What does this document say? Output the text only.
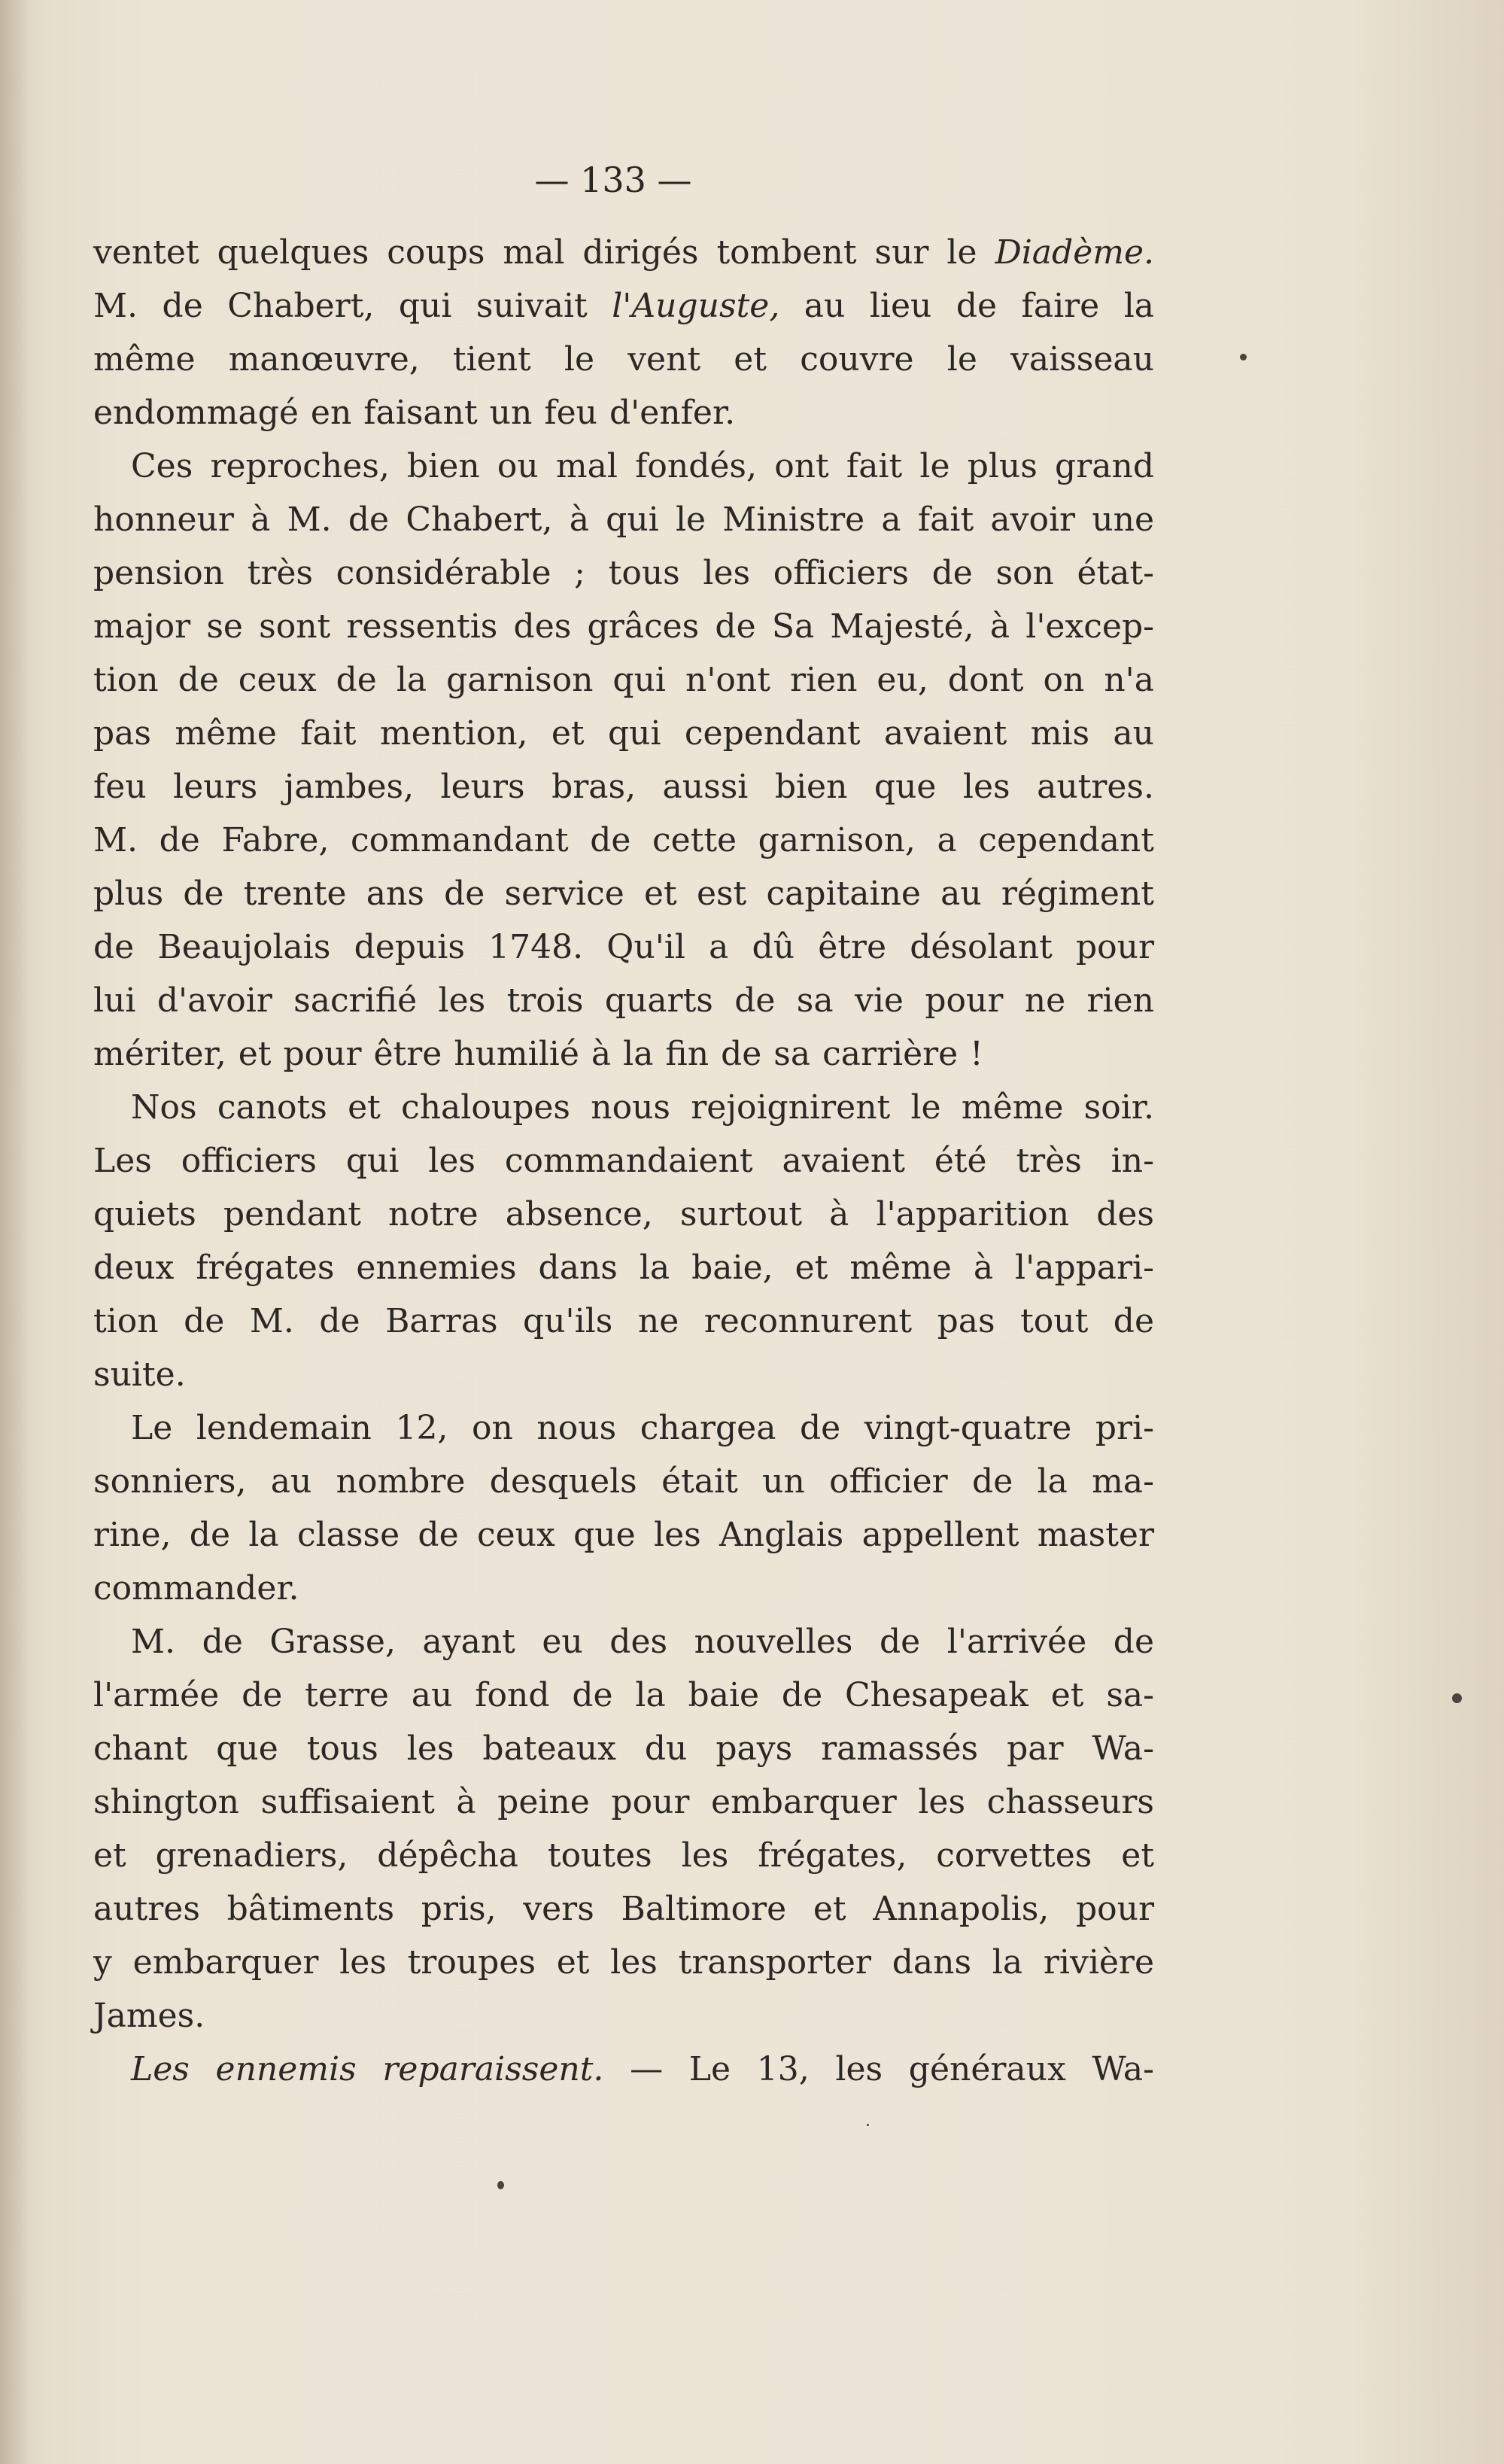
— 133 —
ventet quelques coups mal dirigés tombent sur le Diadème.
M. de Chabert, qui suivait l'Auguste, au lieu de faire la
même manœuvre, tient le vent et couvre le vaisseau
endommagé en faisant un feu d'enfer.
Ces reproches, bien ou mal fondés, ont fait le plus grand
honneur à M. de Chabert, à qui le Ministre a fait avoir une
pension très considérable ; tous les officiers de son état-
major se sont ressentis des grâces de Sa Majesté, à l'excep-
tion de ceux de la garnison qui n'ont rien eu, dont on n'a
pas même fait mention, et qui cependant avaient mis au
feu leurs jambes, leurs bras, aussi bien que les autres.
M. de Fabre, commandant de cette garnison, a cependant
plus de trente ans de service et est capitaine au régiment
de Beaujolais depuis 1748. Qu'il a dû être désolant pour
lui d'avoir sacrifié les trois quarts de sa vie pour ne rien
mériter, et pour être humilié à la fin de sa carrière !
Nos canots et chaloupes nous rejoignirent le même soir.
Les officiers qui les commandaient avaient été très in-
quiets pendant notre absence, surtout à l'apparition des
deux frégates ennemies dans la baie, et même à l'appari-
tion de M. de Barras qu'ils ne reconnurent pas tout de
suite.
Le lendemain 12, on nous chargea de vingt-quatre pri-
sonniers, au nombre desquels était un officier de la ma-
rine, de la classe de ceux que les Anglais appellent master
commander.
M. de Grasse, ayant eu des nouvelles de l'arrivée de
l'armée de terre au fond de la baie de Chesapeak et sa-
chant que tous les bateaux du pays ramassés par Wa-
shington suffisaient à peine pour embarquer les chasseurs
et grenadiers, dépêcha toutes les frégates, corvettes et
autres bâtiments pris, vers Baltimore et Annapolis, pour
y embarquer les troupes et les transporter dans la rivière
James.
Les ennemis reparaissent. — Le 13, les généraux Wa-
